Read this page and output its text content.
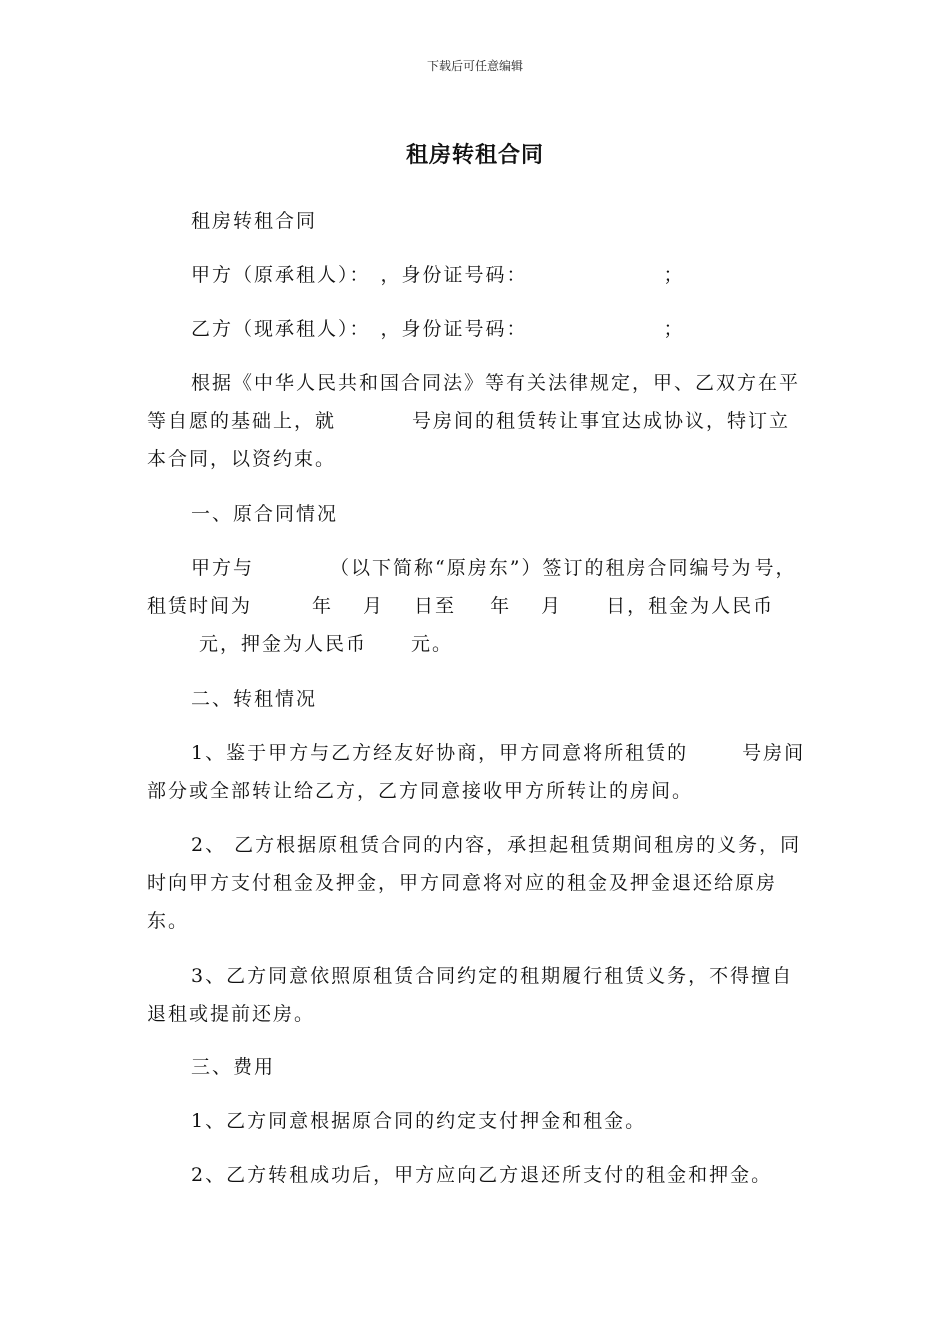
下载后可任意编辑
租房转租合同

租房转租合同

甲方（原承租人）： ，身份证号码：	；

乙方（现承租人）： ，身份证号码：	；

根据《中华人民共和国合同法》等有关法律规定，甲、乙双方在平等自愿的基础上，就	号房间的租赁转让事宜达成协议，特订立本合同，以资约束。

一、原合同情况

甲方与	（以下简称“原房东”）签订的租房合同编号为 号，租赁时间为	年 月 日至 年 月 日，租金为人民币元，押金为人民币 元。

二、转租情况

1、鉴于甲方与乙方经友好协商，甲方同意将所租赁的	号房间部分或全部转让给乙方，乙方同意接收甲方所转让的房间。

2、 乙方根据原租赁合同的内容，承担起租赁期间租房的义务，同时向甲方支付租金及押金，甲方同意将对应的租金及押金退还给原房东。

3、乙方同意依照原租赁合同约定的租期履行租赁义务，不得擅自退租或提前还房。

三、费用

1、乙方同意根据原合同的约定支付押金和租金。

2、乙方转租成功后，甲方应向乙方退还所支付的租金和押金。
